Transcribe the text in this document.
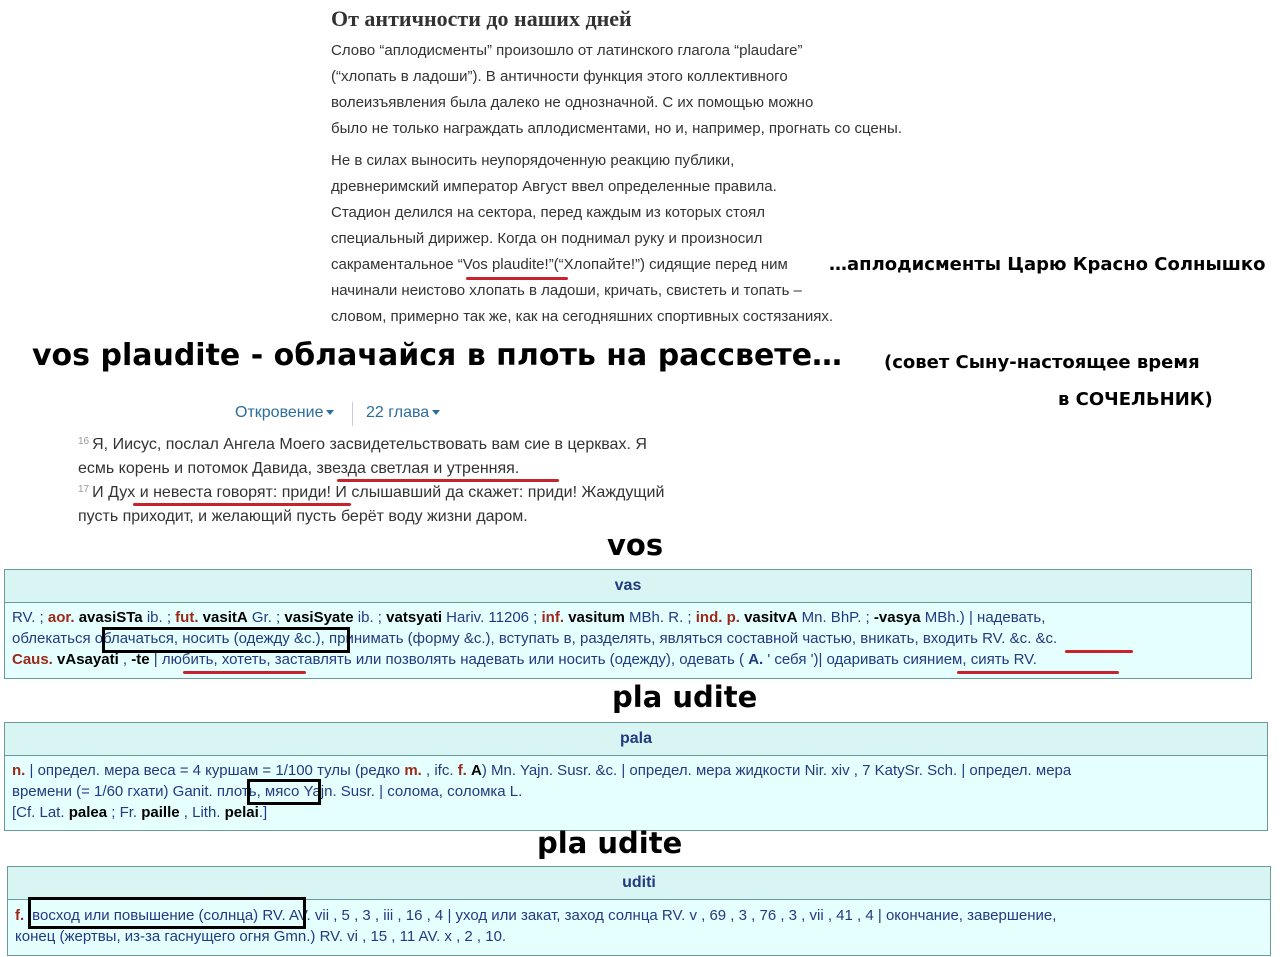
От античности до наших дней
Слово “аплодисменты” произошло от латинского глагола “plaudare”
(“хлопать в ладоши”). В античности функция этого коллективного
волеизъявления была далеко не однозначной. С их помощью можно
было не только награждать аплодисментами, но и, например, прогнать со сцены.
Не в силах выносить неупорядоченную реакцию публики,
древнеримский император Август ввел определенные правила.
Стадион делился на сектора, перед каждым из которых стоял
специальный дирижер. Когда он поднимал руку и произносил
сакраментальное “Vos plaudite!”(“Хлопайте!”) сидящие перед ним …аплодисменты Царю Красно Солнышко
начинали неистово хлопать в ладоши, кричать, свистеть и топать –
словом, примерно так же, как на сегодняшних спортивных состязаниях.
vos plaudite - облачайся в плоть на рассвете… (совет Сыну-настоящее время
в СОЧЕЛЬНИК)
Откровение	22 глава
$^{16}$ Я, Иисус, послал Ангела Моего засвидетельствовать вам сие в церквах. Я
есмь корень и потомок Давида, звезда светлая и утренняя.
$^{17}$ И Дух и невеста говорят: приди! И слышавший да скажет: приди! Жаждущий
пусть приходит, и желающий пусть берёт воду жизни даром.
vos
vas
RV. ; aor. avasiSTa ib. ; fut. vasitA Gr. ; vasiSyate ib. ; vatsyati Hariv. 11206 ; inf. vasitum MBh. R. ; ind. p. vasitvA Mn. BhP. ; -vasya MBh.) | надевать,
облекаться облачаться, носить (одежду &c.), принимать (форму &c.), вступать в, разделять, являться составной частью, вникать, входить RV. &c. &c.
Caus. vAsayati , -te | любить, хотеть, заставлять или позволять надевать или носить (одежду), одевать ( A. ' себя ')| одаривать сиянием, сиять RV.
pla udite
pala
n. | определ. мера веса = 4 куршам = 1/100 тулы (редко m. , ifc. f. A) Mn. Yajn. Susr. &c. | определ. мера жидкости Nir. xiv , 7 KatySr. Sch. | определ. мера
времени (= 1/60 гхати) Ganit. плоть, мясо Yajn. Susr. | солома, соломка L.
[Cf. Lat. palea ; Fr. paille , Lith. pelai.]
pla udite
uditi
f. восход или повышение (солнца) RV. AV. vii , 5 , 3 , iii , 16 , 4 | уход или закат, заход солнца RV. v , 69 , 3 , 76 , 3 , vii , 41 , 4 | окончание, завершение,
конец (жертвы, из-за гаснущего огня Gmn.) RV. vi , 15 , 11 AV. x , 2 , 10.
